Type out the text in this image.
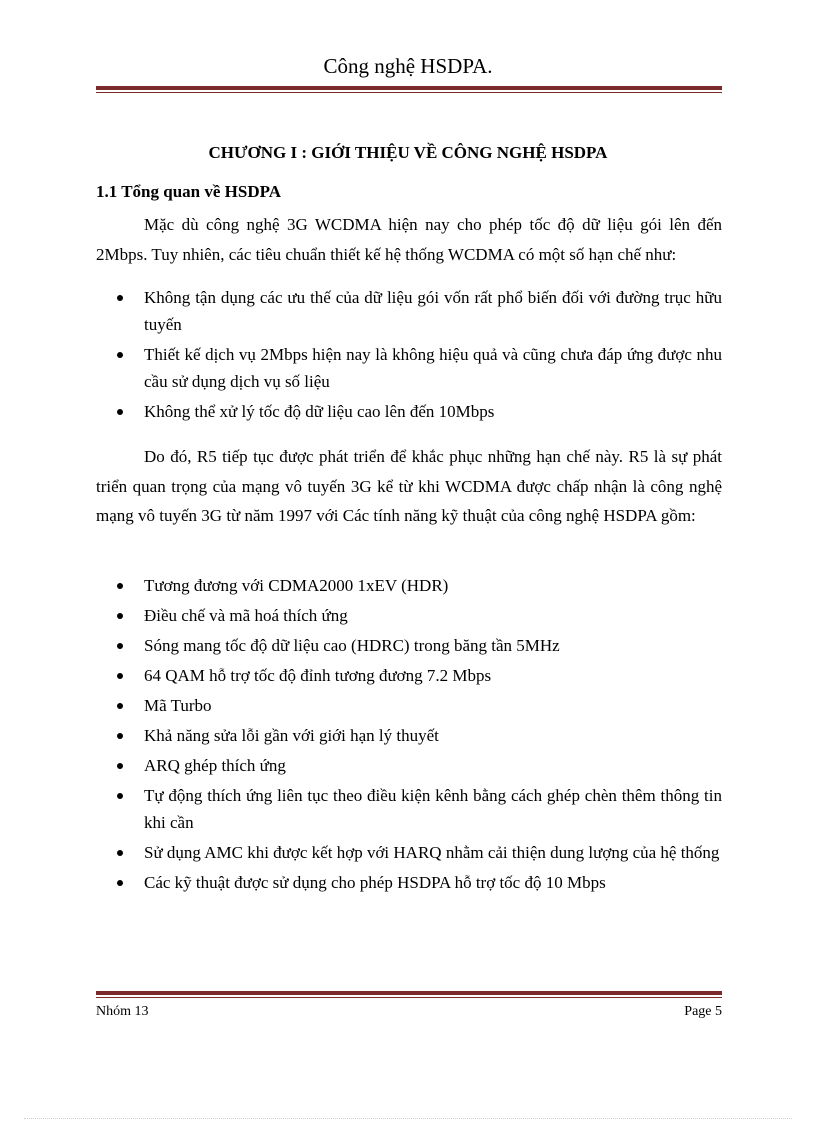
Công nghệ HSDPA.
CHƯƠNG I : GIỚI THIỆU VỀ CÔNG NGHỆ HSDPA
1.1 Tổng quan về HSDPA

Mặc dù công nghệ 3G WCDMA hiện nay cho phép tốc độ dữ liệu gói lên đến 2Mbps. Tuy nhiên, các tiêu chuẩn thiết kế hệ thống WCDMA có một số hạn chế như:

Không tận dụng các ưu thế của dữ liệu gói vốn rất phổ biến đối với đường trục hữu tuyến
Thiết kế dịch vụ 2Mbps hiện nay là không hiệu quả và cũng chưa đáp ứng được nhu cầu sử dụng dịch vụ số liệu
Không thể xử lý tốc độ dữ liệu cao lên đến 10Mbps

Do đó, R5 tiếp tục được phát triển để khắc phục những hạn chế này. R5 là sự phát triển quan trọng của mạng vô tuyến 3G kể từ khi WCDMA được chấp nhận là công nghệ mạng vô tuyến 3G từ năm 1997 với Các tính năng kỹ thuật của công nghệ HSDPA gồm:

Tương đương với CDMA2000 1xEV (HDR)
Điều chế và mã hoá thích ứng
Sóng mang tốc độ dữ liệu cao (HDRC) trong băng tần 5MHz
64 QAM hỗ trợ tốc độ đỉnh tương đương 7.2 Mbps
Mã Turbo
Khả năng sửa lỗi gần với giới hạn lý thuyết
ARQ ghép thích ứng
Tự động thích ứng liên tục theo điều kiện kênh bằng cách ghép chèn thêm thông tin khi cần
Sử dụng AMC khi được kết hợp với HARQ nhằm cải thiện dung lượng của hệ thống
Các kỹ thuật được sử dụng cho phép HSDPA hỗ trợ tốc độ 10 Mbps
Nhóm 13	Page 5
